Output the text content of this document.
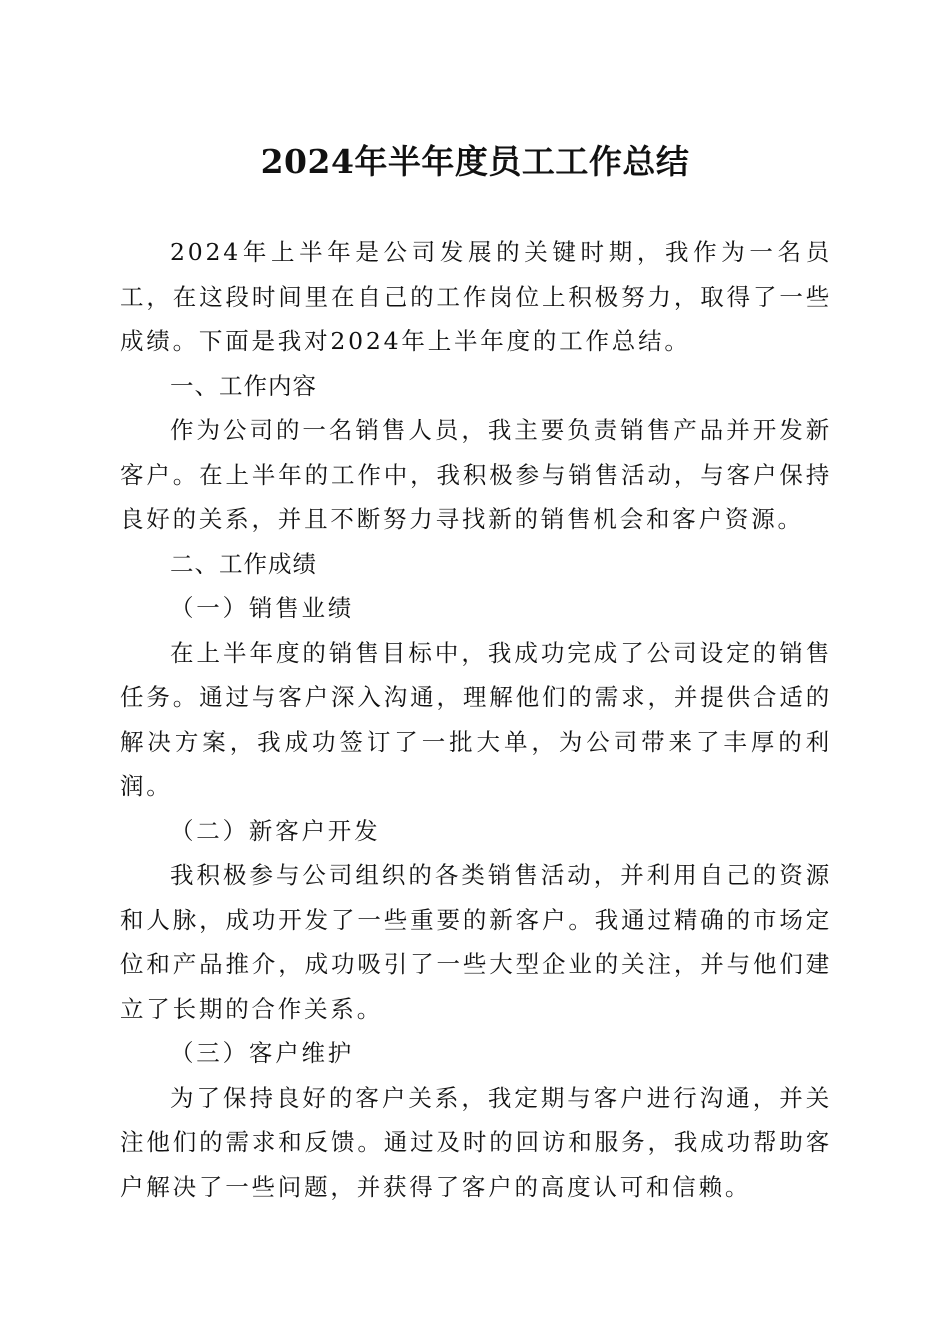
2024年半年度员工工作总结

2024年上半年是公司发展的关键时期，我作为一名员工，在这段时间里在自己的工作岗位上积极努力，取得了一些成绩。下面是我对2024年上半年度的工作总结。

一、工作内容

作为公司的一名销售人员，我主要负责销售产品并开发新客户。在上半年的工作中，我积极参与销售活动，与客户保持良好的关系，并且不断努力寻找新的销售机会和客户资源。

二、工作成绩

（一）销售业绩

在上半年度的销售目标中，我成功完成了公司设定的销售任务。通过与客户深入沟通，理解他们的需求，并提供合适的解决方案，我成功签订了一批大单，为公司带来了丰厚的利润。

（二）新客户开发

我积极参与公司组织的各类销售活动，并利用自己的资源和人脉，成功开发了一些重要的新客户。我通过精确的市场定位和产品推介，成功吸引了一些大型企业的关注，并与他们建立了长期的合作关系。

（三）客户维护

为了保持良好的客户关系，我定期与客户进行沟通，并关注他们的需求和反馈。通过及时的回访和服务，我成功帮助客户解决了一些问题，并获得了客户的高度认可和信赖。
